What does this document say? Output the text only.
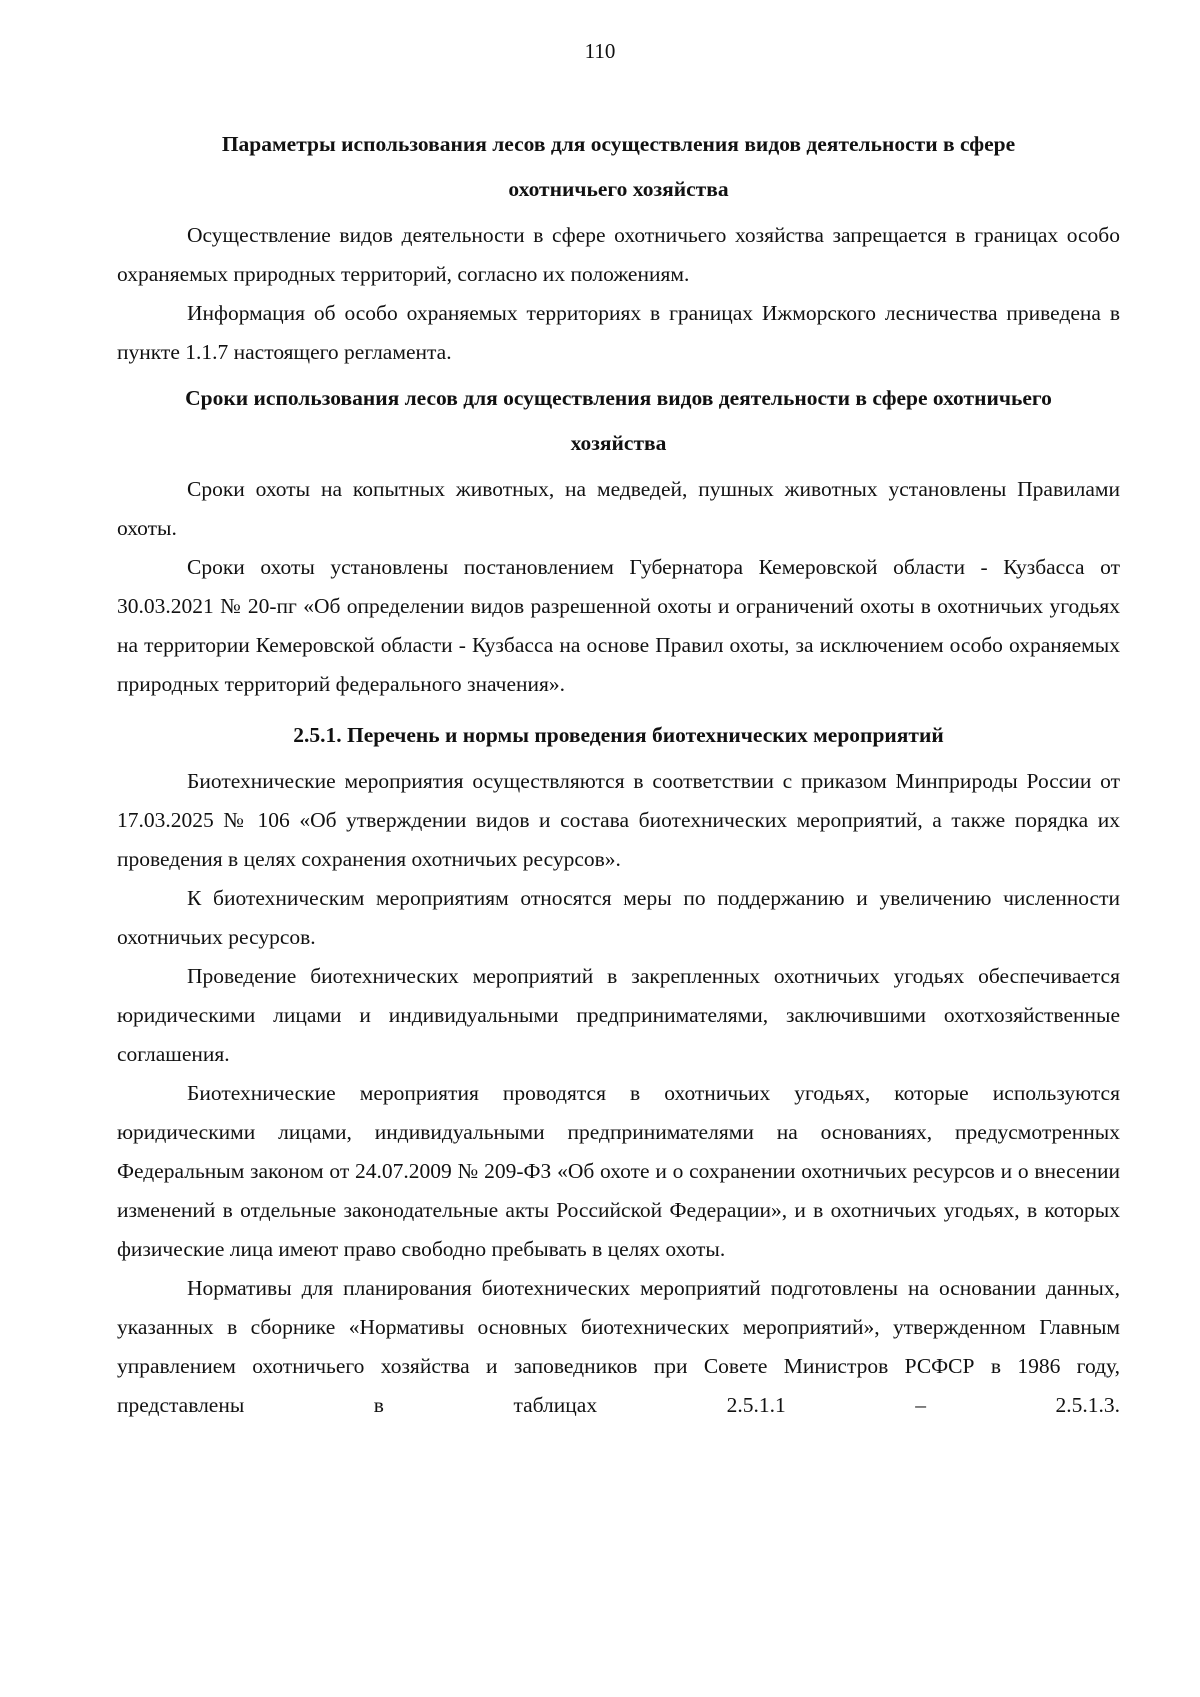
110
Параметры использования лесов для осуществления видов деятельности в сфере охотничьего хозяйства

Осуществление видов деятельности в сфере охотничьего хозяйства запрещается в границах особо охраняемых природных территорий, согласно их положениям.

Информация об особо охраняемых территориях в границах Ижморского лесничества приведена в пункте 1.1.7 настоящего регламента.

Сроки использования лесов для осуществления видов деятельности в сфере охотничьего хозяйства

Сроки охоты на копытных животных, на медведей, пушных животных установлены Правилами охоты.

Сроки охоты установлены постановлением Губернатора Кемеровской области - Кузбасса от 30.03.2021 № 20-пг «Об определении видов разрешенной охоты и ограничений охоты в охотничьих угодьях на территории Кемеровской области - Кузбасса на основе Правил охоты, за исключением особо охраняемых природных территорий федерального значения».

2.5.1. Перечень и нормы проведения биотехнических мероприятий

Биотехнические мероприятия осуществляются в соответствии с приказом Минприроды России от 17.03.2025 № 106 «Об утверждении видов и состава биотехнических мероприятий, а также порядка их проведения в целях сохранения охотничьих ресурсов».

К биотехническим мероприятиям относятся меры по поддержанию и увеличению численности охотничьих ресурсов.

Проведение биотехнических мероприятий в закрепленных охотничьих угодьях обеспечивается юридическими лицами и индивидуальными предпринимателями, заключившими охотхозяйственные соглашения.

Биотехнические мероприятия проводятся в охотничьих угодьях, которые используются юридическими лицами, индивидуальными предпринимателями на основаниях, предусмотренных Федеральным законом от 24.07.2009 № 209-ФЗ «Об охоте и о сохранении охотничьих ресурсов и о внесении изменений в отдельные законодательные акты Российской Федерации», и в охотничьих угодьях, в которых физические лица имеют право свободно пребывать в целях охоты.

Нормативы для планирования биотехнических мероприятий подготовлены на основании данных, указанных в сборнике «Нормативы основных биотехнических мероприятий», утвержденном Главным управлением охотничьего хозяйства и заповедников при Совете Министров РСФСР в 1986 году, представлены в таблицах 2.5.1.1 – 2.5.1.3.
